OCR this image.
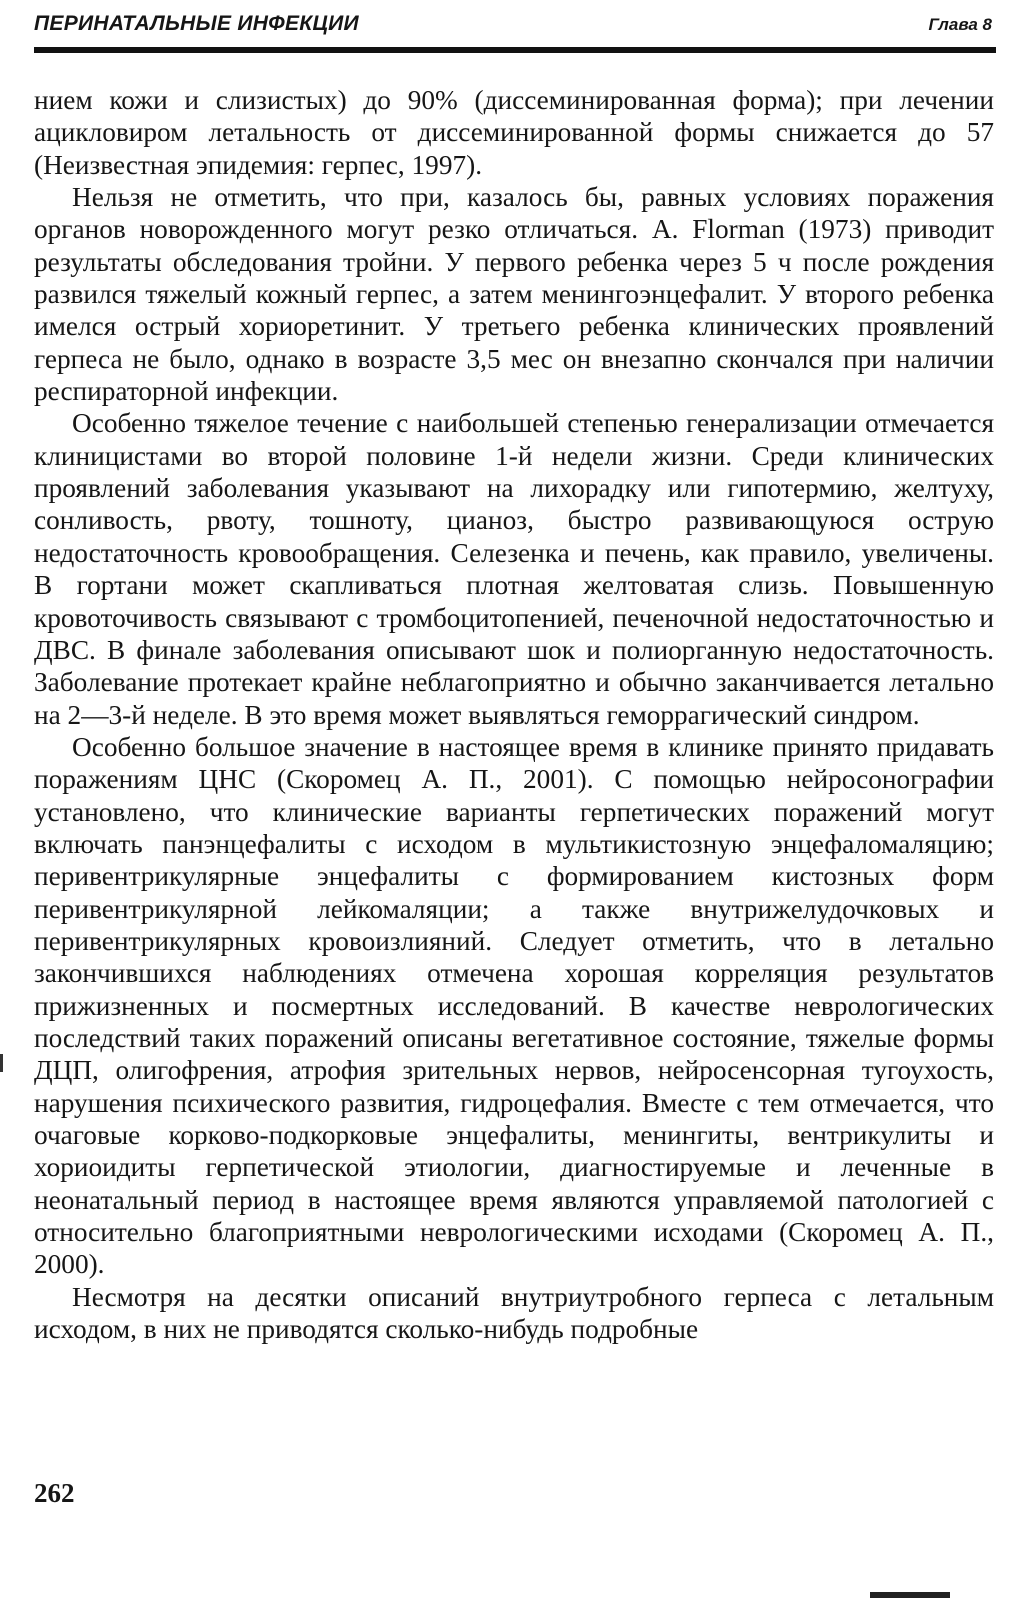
ПЕРИНАТАЛЬНЫЕ ИНФЕКЦИИ	Глава 8

нием кожи и слизистых) до 90% (диссеминированная форма); при лечении ацикловиром летальность от диссеминированной формы снижается до 57 (Неизвестная эпидемия: герпес, 1997).

Нельзя не отметить, что при, казалось бы, равных условиях поражения органов новорожденного могут резко отличаться. А. Florman (1973) приводит результаты обследования тройни. У первого ребенка через 5 ч после рождения развился тяжелый кожный герпес, а затем менингоэнцефалит. У второго ребенка имелся острый хориоретинит. У третьего ребенка клинических проявлений герпеса не было, однако в возрасте 3,5 мес он внезапно скончался при наличии респираторной инфекции.

Особенно тяжелое течение с наибольшей степенью генерализации отмечается клиницистами во второй половине 1-й недели жизни. Среди клинических проявлений заболевания указывают на лихорадку или гипотермию, желтуху, сонливость, рвоту, тошноту, цианоз, быстро развивающуюся острую недостаточность кровообращения. Селезенка и печень, как правило, увеличены. В гортани может скапливаться плотная желтоватая слизь. Повышенную кровоточивость связывают с тромбоцитопенией, печеночной недостаточностью и ДВС. В финале заболевания описывают шок и полиорганную недостаточность. Заболевание протекает крайне неблагоприятно и обычно заканчивается летально на 2—3-й неделе. В это время может выявляться геморрагический синдром.

Особенно большое значение в настоящее время в клинике принято придавать поражениям ЦНС (Скоромец А. П., 2001). С помощью нейросонографии установлено, что клинические варианты герпетических поражений могут включать панэнцефалиты с исходом в мультикистозную энцефаломаляцию; перивентрикулярные энцефалиты с формированием кистозных форм перивентрикулярной лейкомаляции; а также внутрижелудочковых и перивентрикулярных кровоизлияний. Следует отметить, что в летально закончившихся наблюдениях отмечена хорошая корреляция результатов прижизненных и посмертных исследований. В качестве неврологических последствий таких поражений описаны вегетативное состояние, тяжелые формы ДЦП, олигофрения, атрофия зрительных нервов, нейросенсорная тугоухость, нарушения психического развития, гидроцефалия. Вместе с тем отмечается, что очаговые корково-подкорковые энцефалиты, менингиты, вентрикулиты и хориоидиты герпетической этиологии, диагностируемые и леченные в неонатальный период в настоящее время являются управляемой патологией с относительно благоприятными неврологическими исходами (Скоромец А. П., 2000).

Несмотря на десятки описаний внутриутробного герпеса с летальным исходом, в них не приводятся сколько-нибудь подробные

262
